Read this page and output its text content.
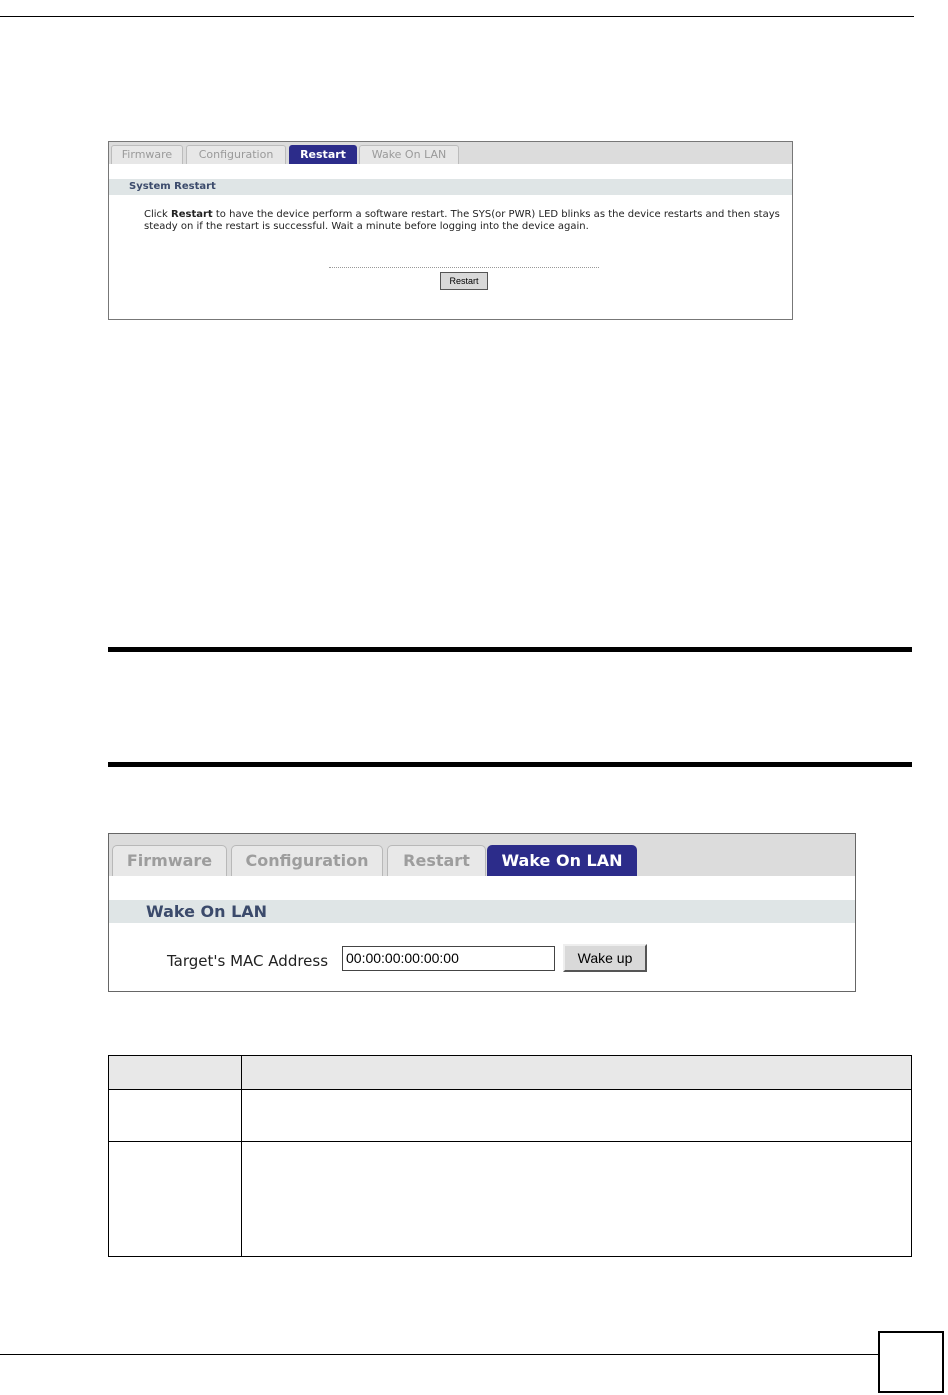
Firmware	Configuration	Restart	Wake On LAN
System Restart
Click Restart to have the device perform a software restart. The SYS(or PWR) LED blinks as the device restarts and then stays steady on if the restart is successful. Wait a minute before logging into the device again.
Restart
Firmware	Configuration	Restart	Wake On LAN
Wake On LAN
Target's MAC Address 00:00:00:00:00:00	Wake up
